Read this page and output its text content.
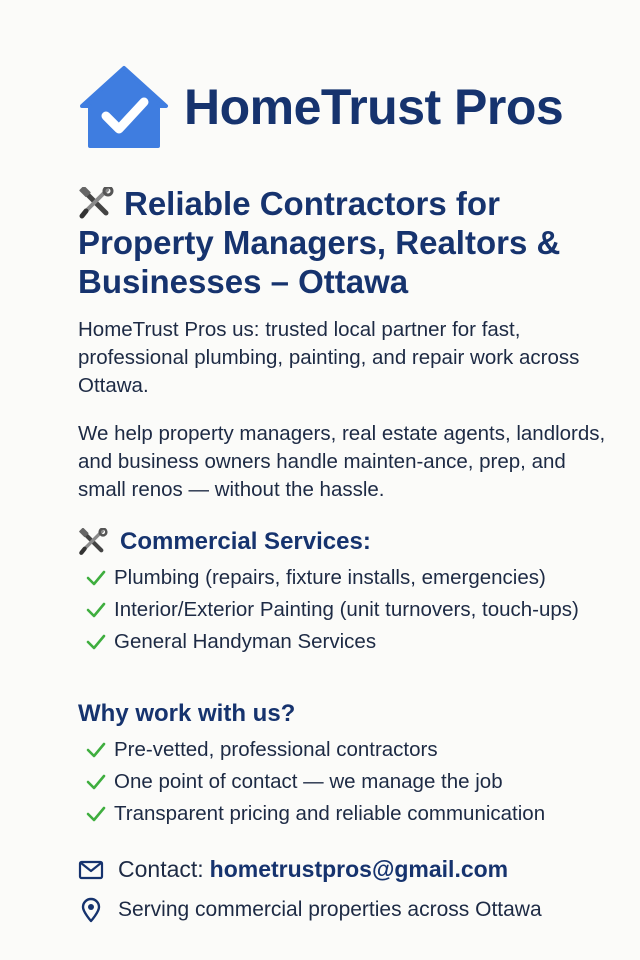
HomeTrust Pros
Reliable Contractors for Property Managers, Realtors & Businesses – Ottawa

HomeTrust Pros us: trusted local partner for fast, professional plumbing, painting, and repair work across Ottawa.

We help property managers, real estate agents, landlords, and business owners handle mainten-ance, prep, and small renos — without the hassle.

Commercial Services:
Plumbing (repairs, fixture installs, emergencies)
Interior/Exterior Painting (unit turnovers, touch-ups)
General Handyman Services
Why work with us?
Pre-vetted, professional contractors
One point of contact — we manage the job
Transparent pricing and reliable communication
Contact: hometrustpros@gmail.com
Serving commercial properties across Ottawa
